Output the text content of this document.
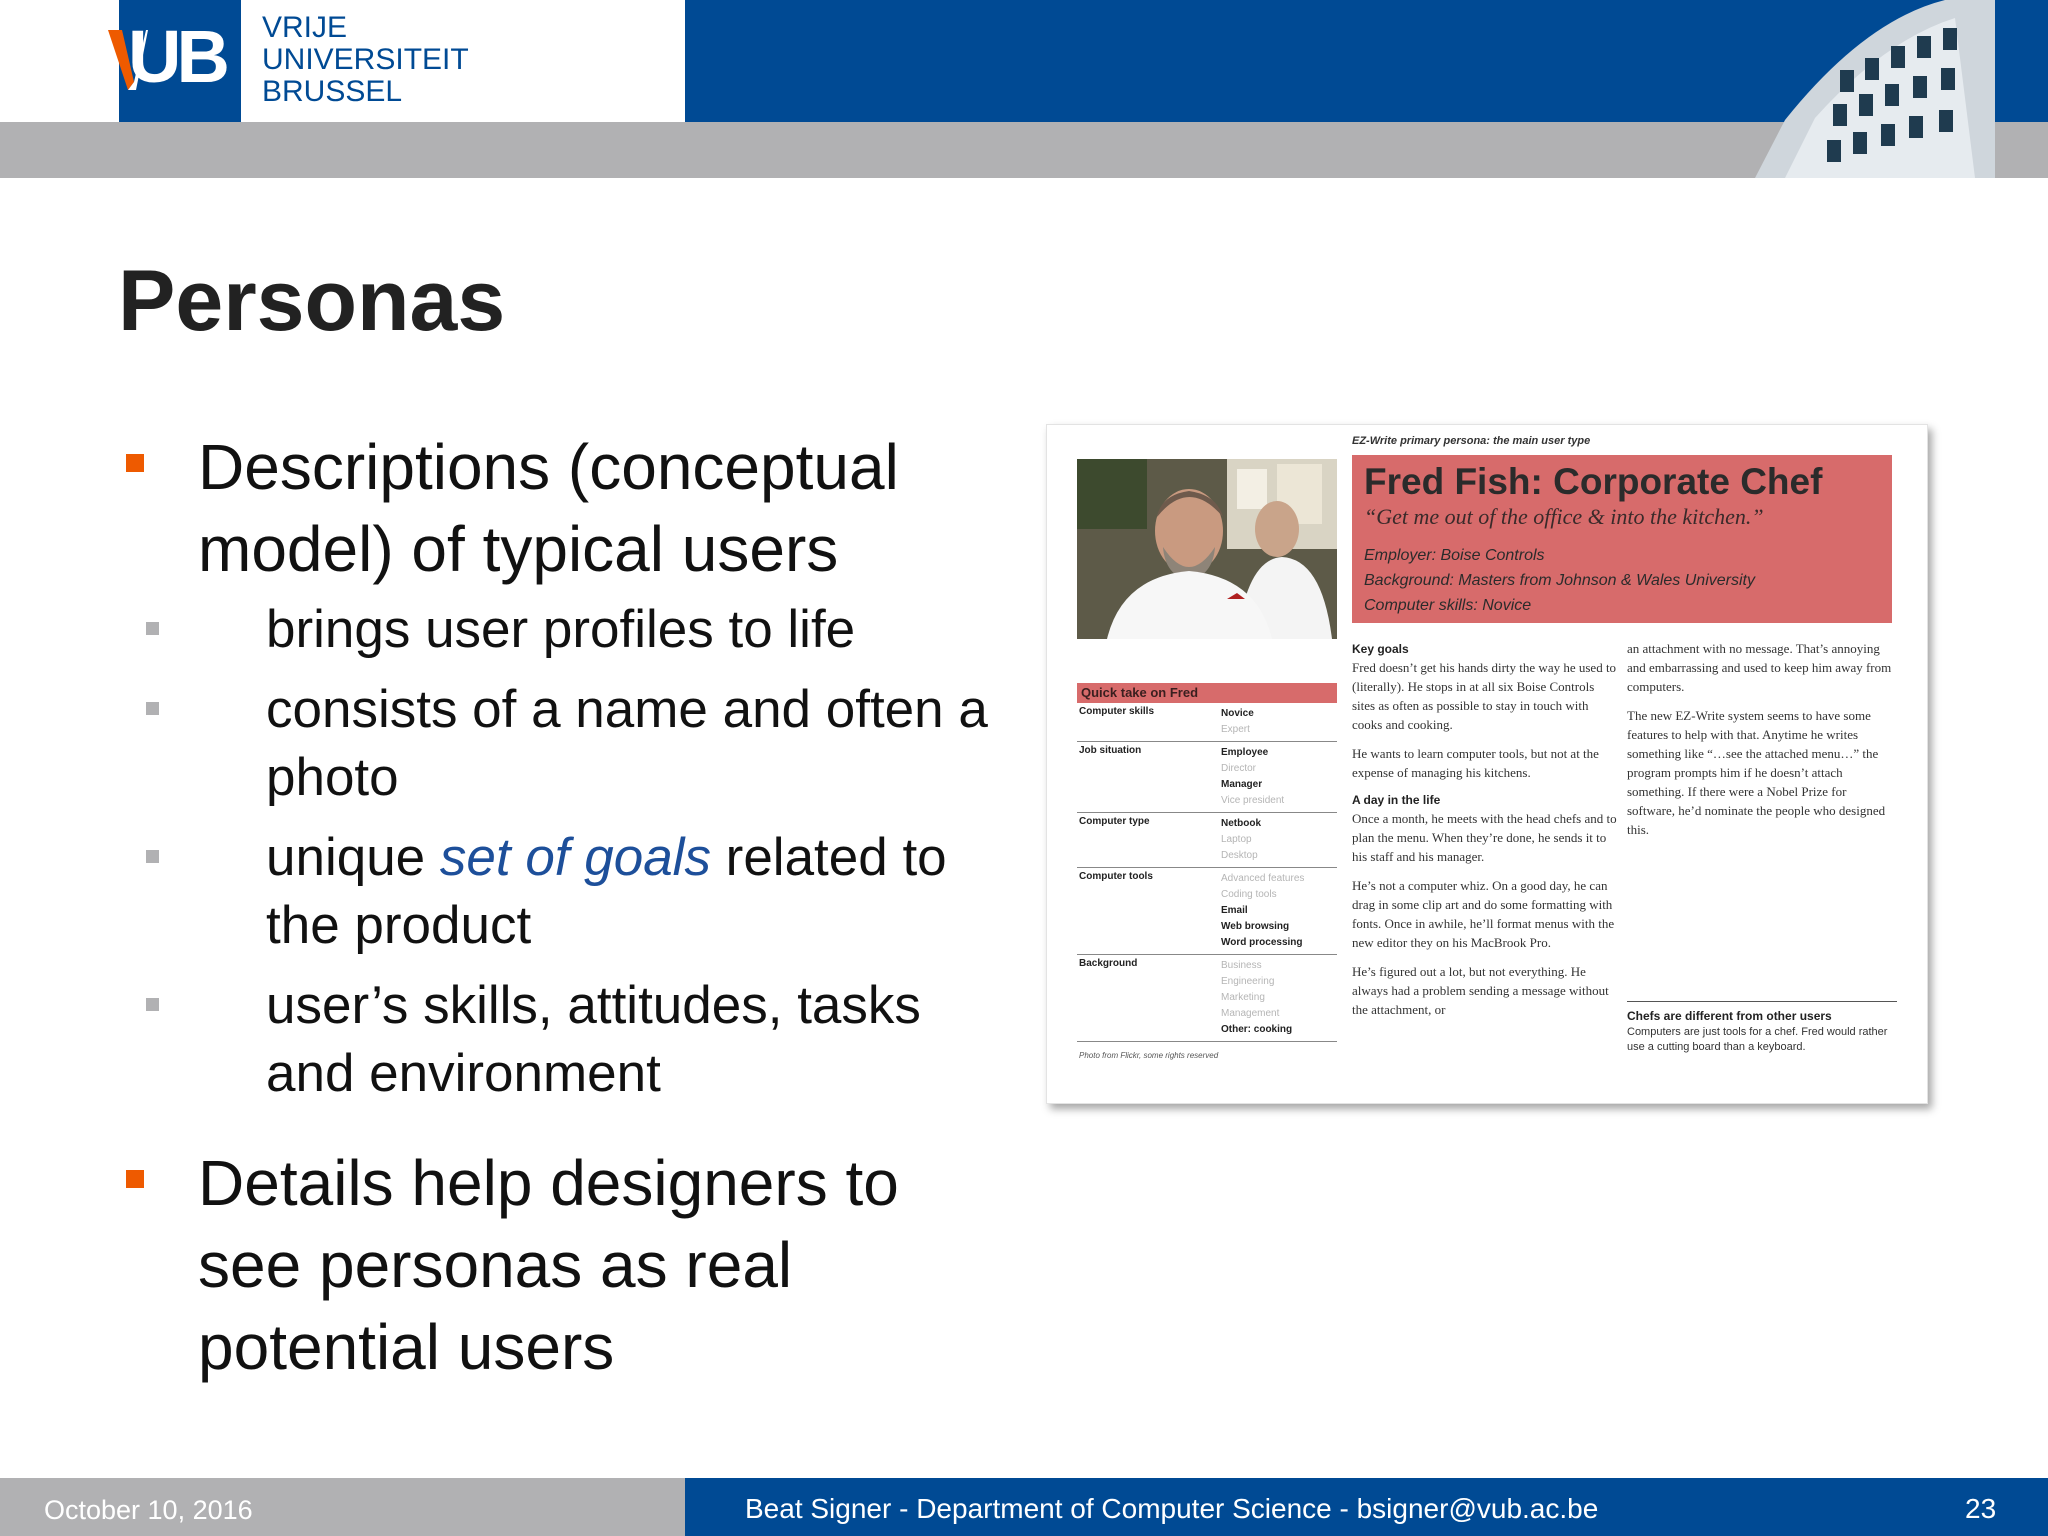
UB VRIJE
UNIVERSITEIT
BRUSSEL
Personas
Descriptions (conceptual model) of typical users
brings user profiles to life
consists of a name and often a photo
unique set of goals related to the product
user’s skills, attitudes, tasks and environment
Details help designers to see personas as real potential users
EZ-Write primary persona: the main user type
Fred Fish: Corporate Chef
“Get me out of the office & into the kitchen.”
Employer: Boise Controls
Background: Masters from Johnson & Wales University
Computer skills: Novice
Quick take on Fred
Computer skills	Novice
Expert
Job situation	Employee
Director
Manager
Vice president
Computer type	Netbook
Laptop
Desktop
Computer tools	Advanced features
Coding tools
Email
Web browsing
Word processing
Background	Business
Engineering
Marketing
Management
Other: cooking
Photo from Flickr, some rights reserved
Key goals

Fred doesn’t get his hands dirty the way he used to (literally). He stops in at all six Boise Controls sites as often as possible to stay in touch with cooks and cooking.

He wants to learn computer tools, but not at the expense of managing his kitchens.

A day in the life

Once a month, he meets with the head chefs and to plan the menu. When they’re done, he sends it to his staff and his manager.

He’s not a computer whiz. On a good day, he can drag in some clip art and do some formatting with fonts. Once in awhile, he’ll format menus with the new editor they on his MacBrook Pro.

He’s figured out a lot, but not everything. He always had a problem sending a message without the attachment, or

an attachment with no message. That’s annoying and embarrassing and used to keep him away from computers.

The new EZ-Write system seems to have some features to help with that. Anytime he writes something like “…see the attached menu…” the program prompts him if he doesn’t attach something. If there were a Nobel Prize for software, he’d nominate the people who designed this.

Chefs are different from other users
Computers are just tools for a chef. Fred would rather use a cutting board than a keyboard.
October 10, 2016	Beat Signer - Department of Computer Science - bsigner@vub.ac.be	23
